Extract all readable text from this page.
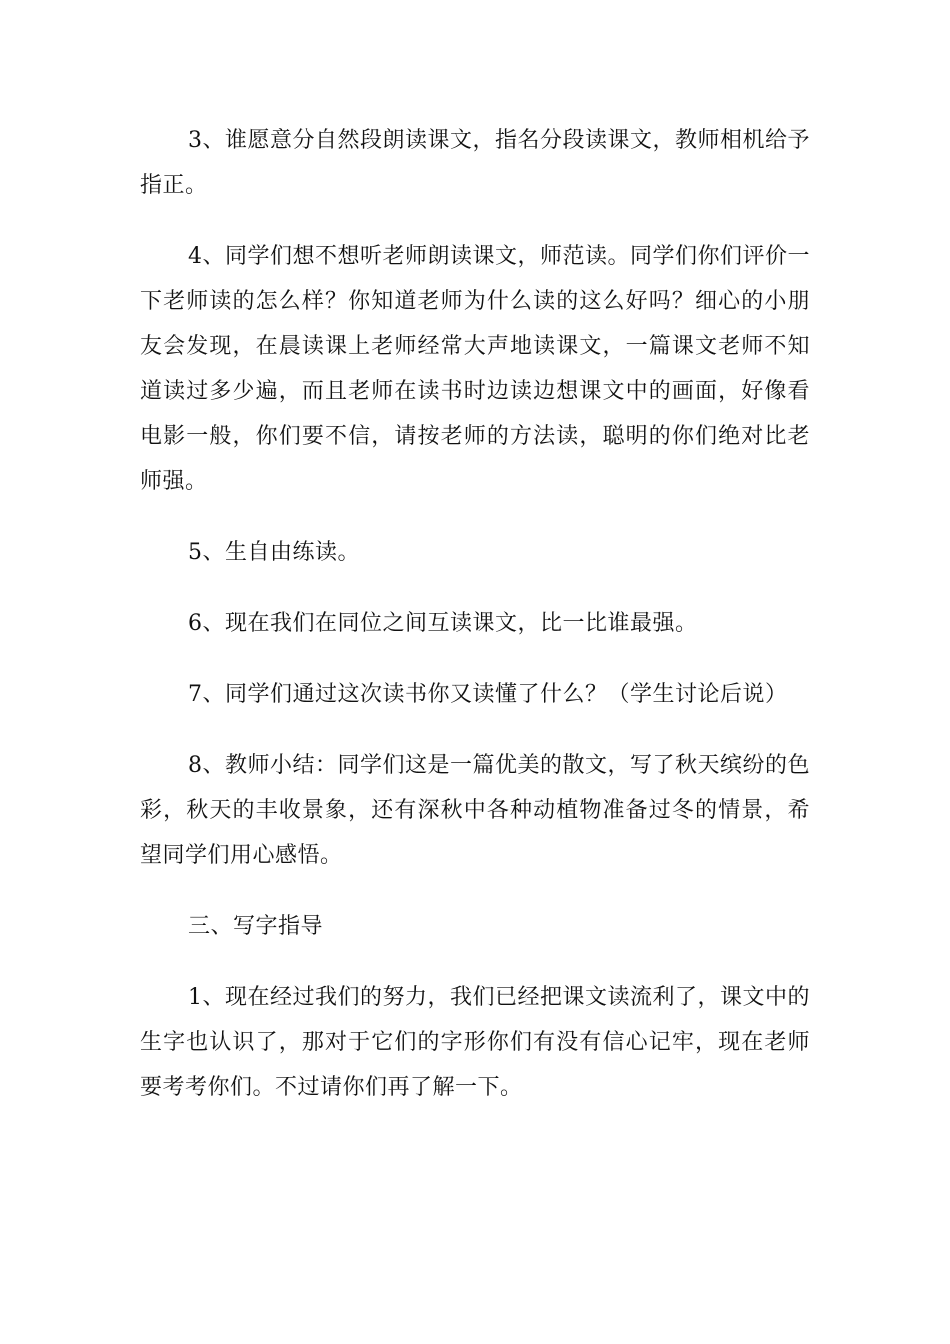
3、谁愿意分自然段朗读课文，指名分段读课文，教师相机给予指正。

4、同学们想不想听老师朗读课文，师范读。同学们你们评价一下老师读的怎么样？你知道老师为什么读的这么好吗？细心的小朋友会发现，在晨读课上老师经常大声地读课文，一篇课文老师不知道读过多少遍，而且老师在读书时边读边想课文中的画面，好像看电影一般，你们要不信，请按老师的方法读，聪明的你们绝对比老师强。

5、生自由练读。

6、现在我们在同位之间互读课文，比一比谁最强。

7、同学们通过这次读书你又读懂了什么？（学生讨论后说）

8、教师小结：同学们这是一篇优美的散文，写了秋天缤纷的色彩，秋天的丰收景象，还有深秋中各种动植物准备过冬的情景，希望同学们用心感悟。

三、写字指导

1、现在经过我们的努力，我们已经把课文读流利了，课文中的生字也认识了，那对于它们的字形你们有没有信心记牢，现在老师要考考你们。不过请你们再了解一下。
